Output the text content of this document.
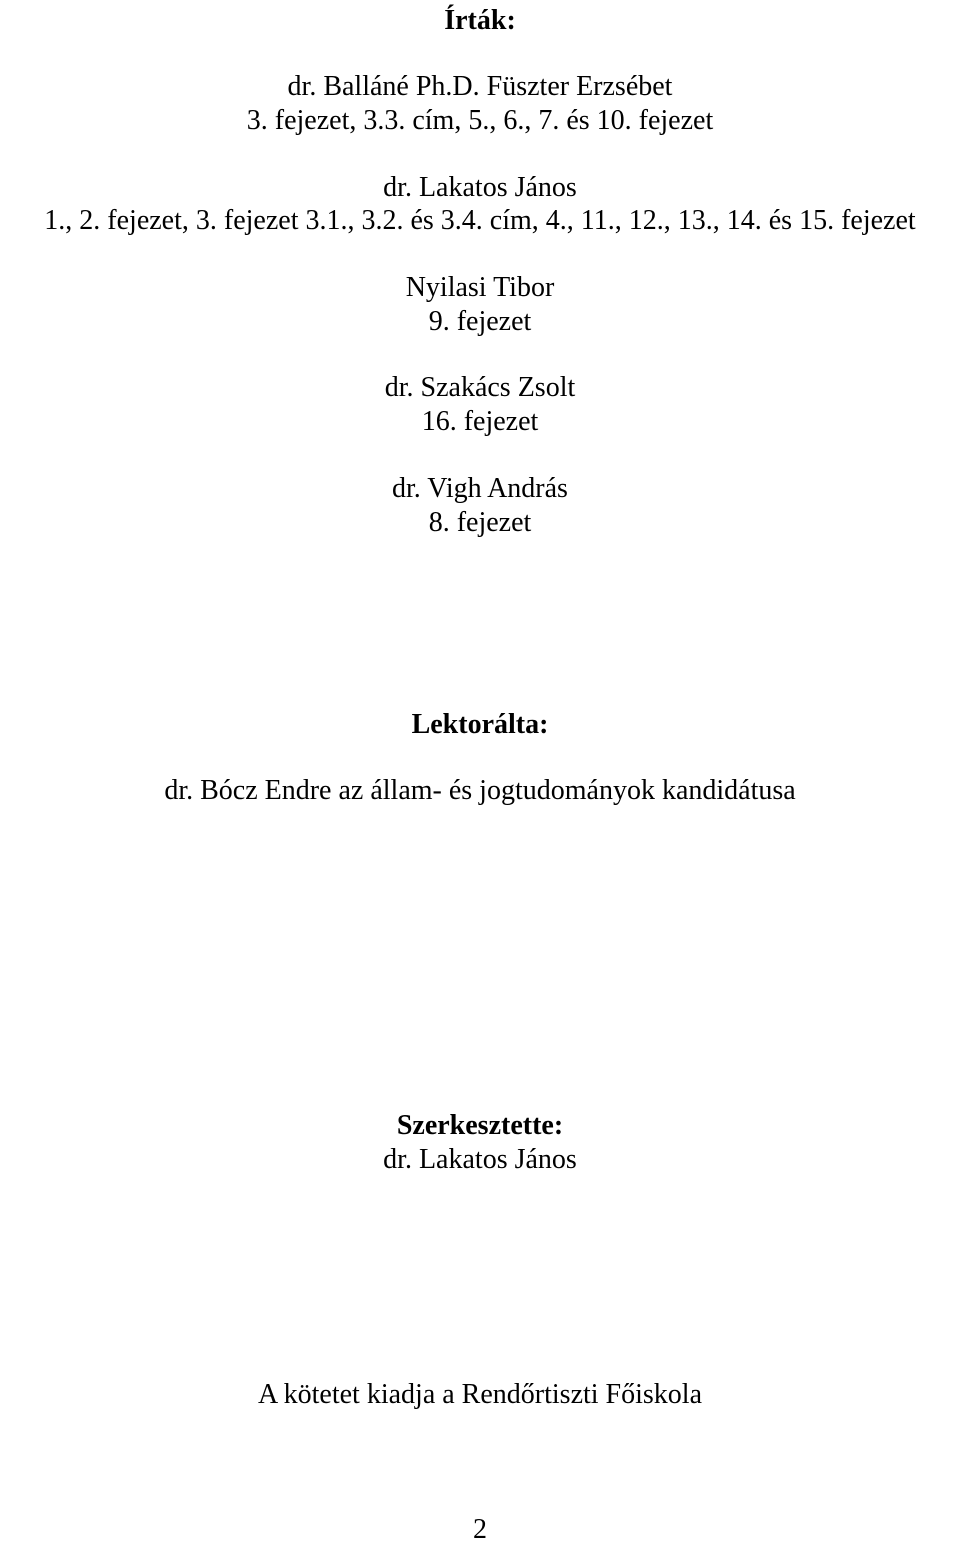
Írták:
dr. Balláné Ph.D. Füszter Erzsébet
3. fejezet, 3.3. cím, 5., 6., 7. és 10. fejezet
dr. Lakatos János
1., 2. fejezet, 3. fejezet 3.1., 3.2. és 3.4. cím, 4., 11., 12., 13., 14. és 15. fejezet
Nyilasi Tibor
9. fejezet
dr. Szakács Zsolt
16. fejezet
dr. Vigh András
8. fejezet
Lektorálta:
dr. Bócz Endre az állam- és jogtudományok kandidátusa
Szerkesztette:
dr. Lakatos János
A kötetet kiadja a Rendőrtiszti Főiskola
2
